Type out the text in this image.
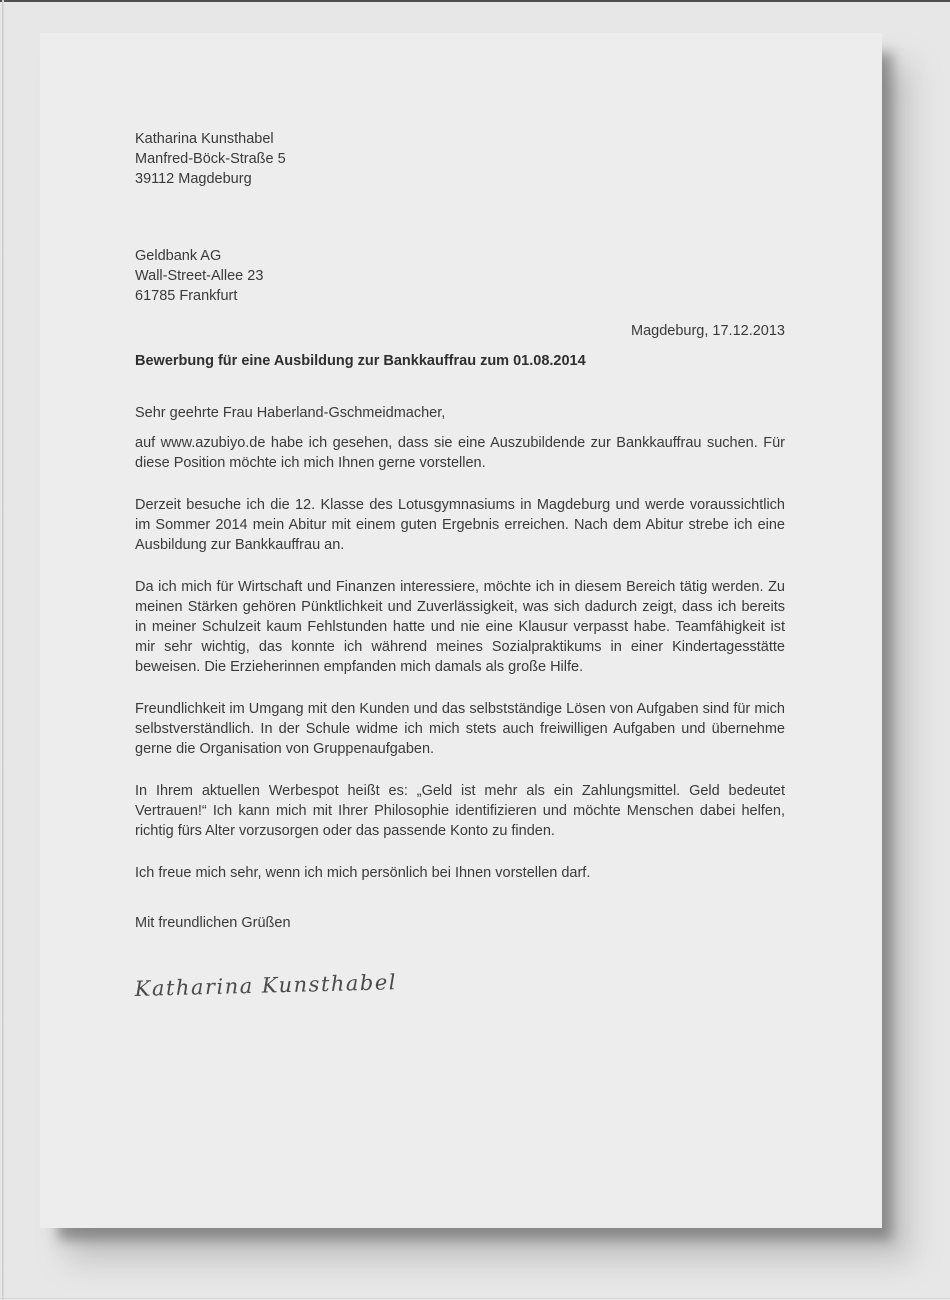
Katharina Kunsthabel
Manfred-Böck-Straße 5
39112 Magdeburg
Geldbank AG
Wall-Street-Allee 23
61785 Frankfurt
Magdeburg, 17.12.2013
Bewerbung für eine Ausbildung zur Bankkauffrau zum 01.08.2014
Sehr geehrte Frau Haberland-Gschmeidmacher,

auf www.azubiyo.de habe ich gesehen, dass sie eine Auszubildende zur Bankkauffrau suchen. Für diese Position möchte ich mich Ihnen gerne vorstellen.

Derzeit besuche ich die 12. Klasse des Lotusgymnasiums in Magdeburg und werde voraussichtlich im Sommer 2014 mein Abitur mit einem guten Ergebnis erreichen. Nach dem Abitur strebe ich eine Ausbildung zur Bankkauffrau an.

Da ich mich für Wirtschaft und Finanzen interessiere, möchte ich in diesem Bereich tätig werden. Zu meinen Stärken gehören Pünktlichkeit und Zuverlässigkeit, was sich dadurch zeigt, dass ich bereits in meiner Schulzeit kaum Fehlstunden hatte und nie eine Klausur verpasst habe. Teamfähigkeit ist mir sehr wichtig, das konnte ich während meines Sozialpraktikums in einer Kindertagesstätte beweisen. Die Erzieherinnen empfanden mich damals als große Hilfe.

Freundlichkeit im Umgang mit den Kunden und das selbstständige Lösen von Aufgaben sind für mich selbstverständlich. In der Schule widme ich mich stets auch freiwilligen Aufgaben und übernehme gerne die Organisation von Gruppenaufgaben.

In Ihrem aktuellen Werbespot heißt es: „Geld ist mehr als ein Zahlungsmittel. Geld bedeutet Vertrauen!“ Ich kann mich mit Ihrer Philosophie identifizieren und möchte Menschen dabei helfen, richtig fürs Alter vorzusorgen oder das passende Konto zu finden.

Ich freue mich sehr, wenn ich mich persönlich bei Ihnen vorstellen darf.

Mit freundlichen Grüßen
Katharina Kunsthabel
